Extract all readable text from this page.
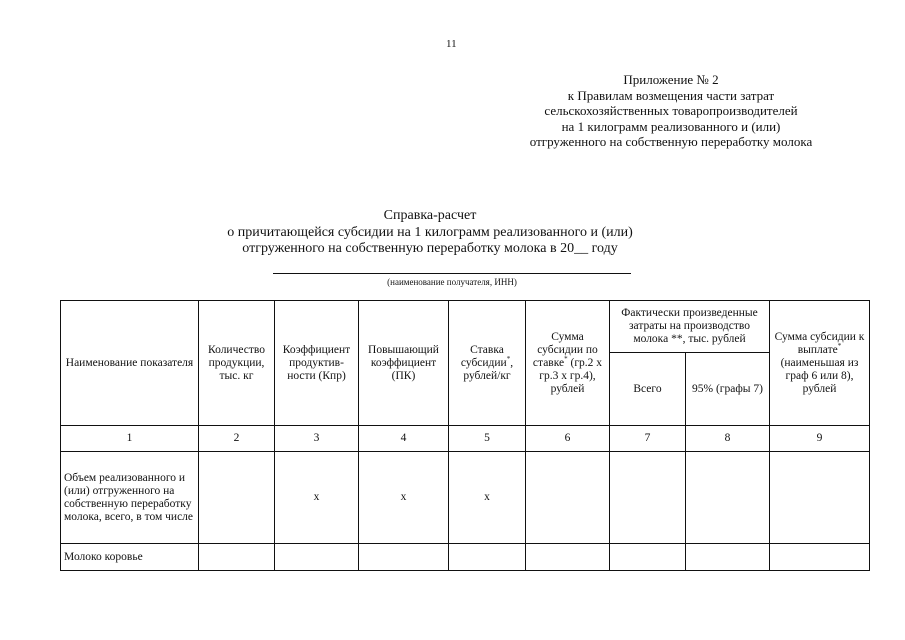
11
Приложение № 2
к Правилам возмещения части затрат
сельскохозяйственных товаропроизводителей
на 1 килограмм реализованного и (или)
отгруженного на собственную переработку молока
Справка-расчет
о причитающейся субсидии на 1 килограмм реализованного и (или)
отгруженного на собственную переработку молока в 20__ году
(наименование получателя, ИНН)
Наименование показателя	Количество продукции, тыс. кг	Коэффициент продуктив-ности (Кпр)	Повышающий коэффициент (ПК)	Ставка субсидии*, рублей/кг	Сумма субсидии по ставке* (гр.2 х гр.3 х гр.4), рублей	Фактически произведенные затраты на производство молока **, тыс. рублей		Сумма субсидии к выплате* (наименьшая из граф 6 или 8), рублей
						Всего	95% (графы 7)	
1	2	3	4	5	6	7	8	9
Объем реализованного и (или) отгруженного на собственную переработку молока, всего, в том числе		х	х	х				
Молоко коровье								
